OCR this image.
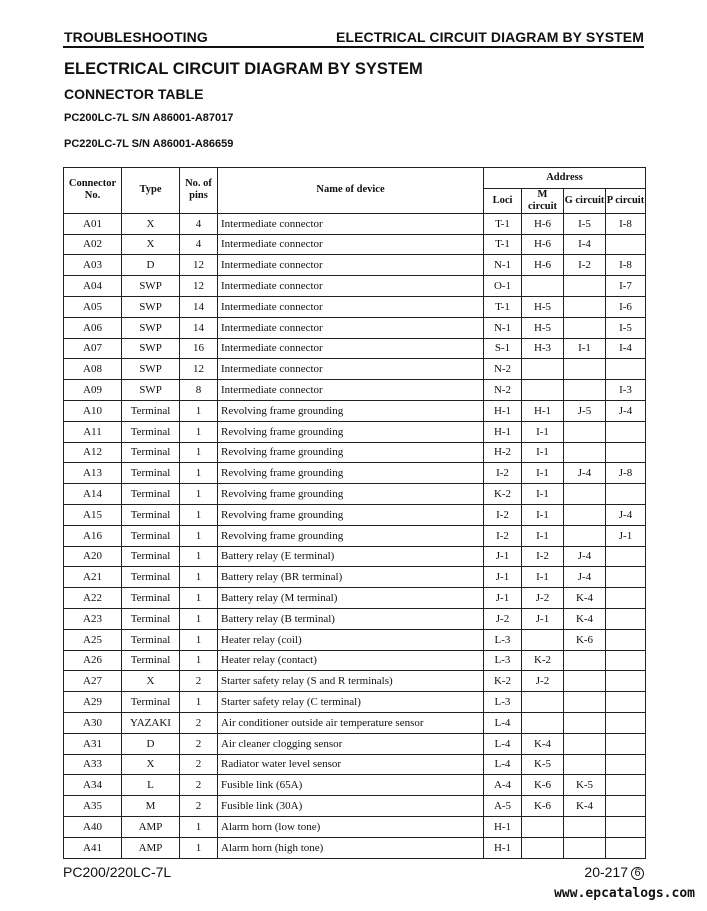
TROUBLESHOOTING	ELECTRICAL CIRCUIT DIAGRAM BY SYSTEM
ELECTRICAL CIRCUIT DIAGRAM BY SYSTEM
CONNECTOR TABLE
PC200LC-7L S/N A86001-A87017
PC220LC-7L S/N A86001-A86659
Connector No.	Type	No. of pins	Name of device	Address			
				Loci	M circuit	G circuit	P circuit
A01	X	4	Intermediate connector	T-1	H-6	I-5	I-8
A02	X	4	Intermediate connector	T-1	H-6	I-4	
A03	D	12	Intermediate connector	N-1	H-6	I-2	I-8
A04	SWP	12	Intermediate connector	O-1			I-7
A05	SWP	14	Intermediate connector	T-1	H-5		I-6
A06	SWP	14	Intermediate connector	N-1	H-5		I-5
A07	SWP	16	Intermediate connector	S-1	H-3	I-1	I-4
A08	SWP	12	Intermediate connector	N-2			
A09	SWP	8	Intermediate connector	N-2			I-3
A10	Terminal	1	Revolving frame grounding	H-1	H-1	J-5	J-4
A11	Terminal	1	Revolving frame grounding	H-1	I-1		
A12	Terminal	1	Revolving frame grounding	H-2	I-1		
A13	Terminal	1	Revolving frame grounding	I-2	I-1	J-4	J-8
A14	Terminal	1	Revolving frame grounding	K-2	I-1		
A15	Terminal	1	Revolving frame grounding	I-2	I-1		J-4
A16	Terminal	1	Revolving frame grounding	I-2	I-1		J-1
A20	Terminal	1	Battery relay (E terminal)	J-1	I-2	J-4	
A21	Terminal	1	Battery relay (BR terminal)	J-1	I-1	J-4	
A22	Terminal	1	Battery relay (M terminal)	J-1	J-2	K-4	
A23	Terminal	1	Battery relay (B terminal)	J-2	J-1	K-4	
A25	Terminal	1	Heater relay (coil)	L-3		K-6	
A26	Terminal	1	Heater relay (contact)	L-3	K-2		
A27	X	2	Starter safety relay (S and R terminals)	K-2	J-2		
A29	Terminal	1	Starter safety relay (C terminal)	L-3			
A30	YAZAKI	2	Air conditioner outside air temperature sensor	L-4			
A31	D	2	Air cleaner clogging sensor	L-4	K-4		
A33	X	2	Radiator water level sensor	L-4	K-5		
A34	L	2	Fusible link (65A)	A-4	K-6	K-5	
A35	M	2	Fusible link (30A)	A-5	K-6	K-4	
A40	AMP	1	Alarm horn (low tone)	H-1			
A41	AMP	1	Alarm horn (high tone)	H-1			
PC200/220LC-7L	20-217 6
www.epcatalogs.com
